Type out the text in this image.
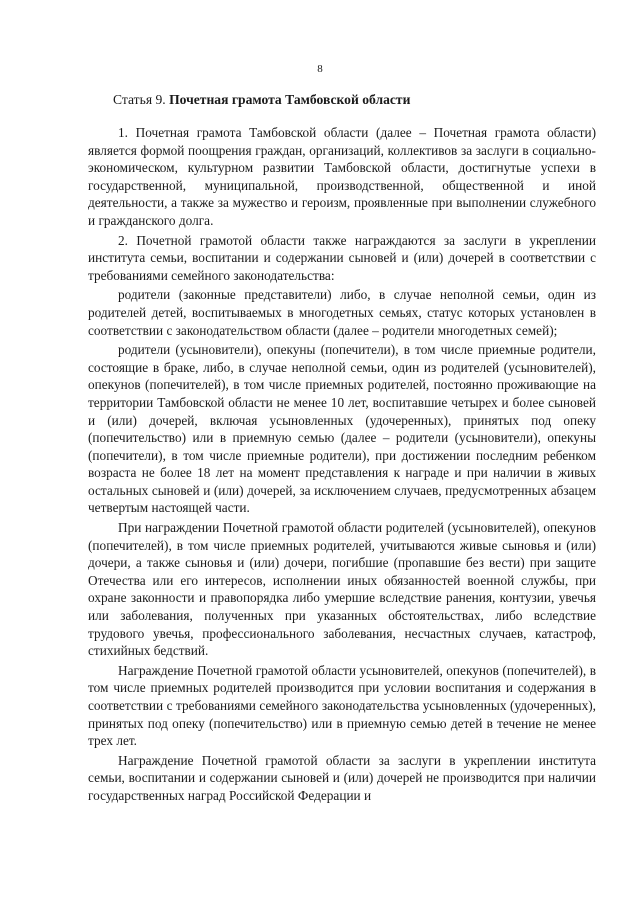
8
Статья 9. Почетная грамота Тамбовской области

1. Почетная грамота Тамбовской области (далее – Почетная грамота области) является формой поощрения граждан, организаций, коллективов за заслуги в социально-экономическом, культурном развитии Тамбовской области, достигнутые успехи в государственной, муниципальной, производственной, общественной и иной деятельности, а также за мужество и героизм, проявленные при выполнении служебного и гражданского долга.

2. Почетной грамотой области также награждаются за заслуги в укреплении института семьи, воспитании и содержании сыновей и (или) дочерей в соответствии с требованиями семейного законодательства:

родители (законные представители) либо, в случае неполной семьи, один из родителей детей, воспитываемых в многодетных семьях, статус которых установлен в соответствии с законодательством области (далее – родители многодетных семей);

родители (усыновители), опекуны (попечители), в том числе приемные родители, состоящие в браке, либо, в случае неполной семьи, один из родителей (усыновителей), опекунов (попечителей), в том числе приемных родителей, постоянно проживающие на территории Тамбовской области не менее 10 лет, воспитавшие четырех и более сыновей и (или) дочерей, включая усыновленных (удочеренных), принятых под опеку (попечительство) или в приемную семью (далее – родители (усыновители), опекуны (попечители), в том числе приемные родители), при достижении последним ребенком возраста не более 18 лет на момент представления к награде и при наличии в живых остальных сыновей и (или) дочерей, за исключением случаев, предусмотренных абзацем четвертым настоящей части.

При награждении Почетной грамотой области родителей (усыновителей), опекунов (попечителей), в том числе приемных родителей, учитываются живые сыновья и (или) дочери, а также сыновья и (или) дочери, погибшие (пропавшие без вести) при защите Отечества или его интересов, исполнении иных обязанностей военной службы, при охране законности и правопорядка либо умершие вследствие ранения, контузии, увечья или заболевания, полученных при указанных обстоятельствах, либо вследствие трудового увечья, профессионального заболевания, несчастных случаев, катастроф, стихийных бедствий.

Награждение Почетной грамотой области усыновителей, опекунов (попечителей), в том числе приемных родителей производится при условии воспитания и содержания в соответствии с требованиями семейного законодательства усыновленных (удочеренных), принятых под опеку (попечительство) или в приемную семью детей в течение не менее трех лет.

Награждение Почетной грамотой области за заслуги в укреплении института семьи, воспитании и содержании сыновей и (или) дочерей не производится при наличии государственных наград Российской Федерации и
